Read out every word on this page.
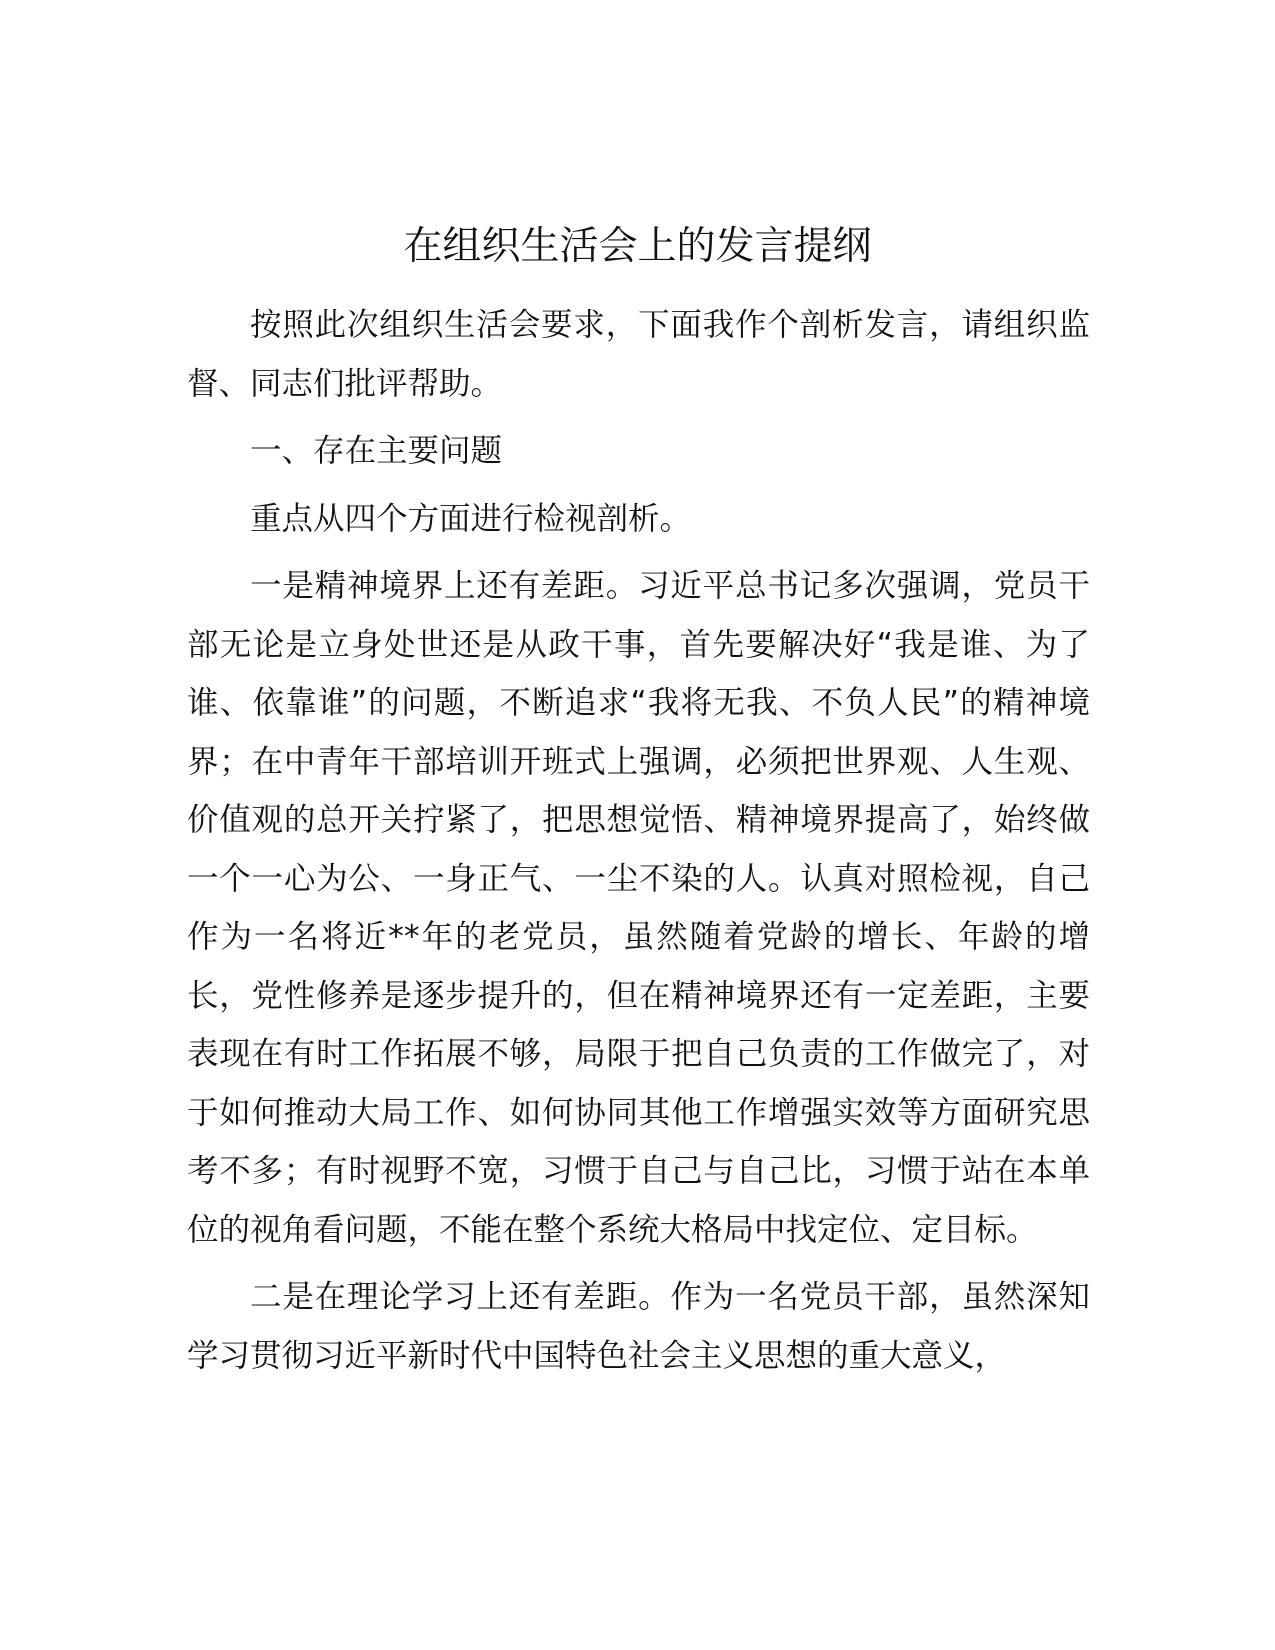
在组织生活会上的发言提纲

按照此次组织生活会要求，下面我作个剖析发言，请组织监督、同志们批评帮助。

一、存在主要问题

重点从四个方面进行检视剖析。

一是精神境界上还有差距。习近平总书记多次强调，党员干部无论是立身处世还是从政干事，首先要解决好“我是谁、为了谁、依靠谁”的问题，不断追求“我将无我、不负人民”的精神境界；在中青年干部培训开班式上强调，必须把世界观、人生观、价值观的总开关拧紧了，把思想觉悟、精神境界提高了，始终做一个一心为公、一身正气、一尘不染的人。认真对照检视，自己作为一名将近**年的老党员，虽然随着党龄的增长、年龄的增长，党性修养是逐步提升的，但在精神境界还有一定差距，主要表现在有时工作拓展不够，局限于把自己负责的工作做完了，对于如何推动大局工作、如何协同其他工作增强实效等方面研究思考不多；有时视野不宽，习惯于自己与自己比，习惯于站在本单位的视角看问题，不能在整个系统大格局中找定位、定目标。

二是在理论学习上还有差距。作为一名党员干部，虽然深知学习贯彻习近平新时代中国特色社会主义思想的重大意义，
